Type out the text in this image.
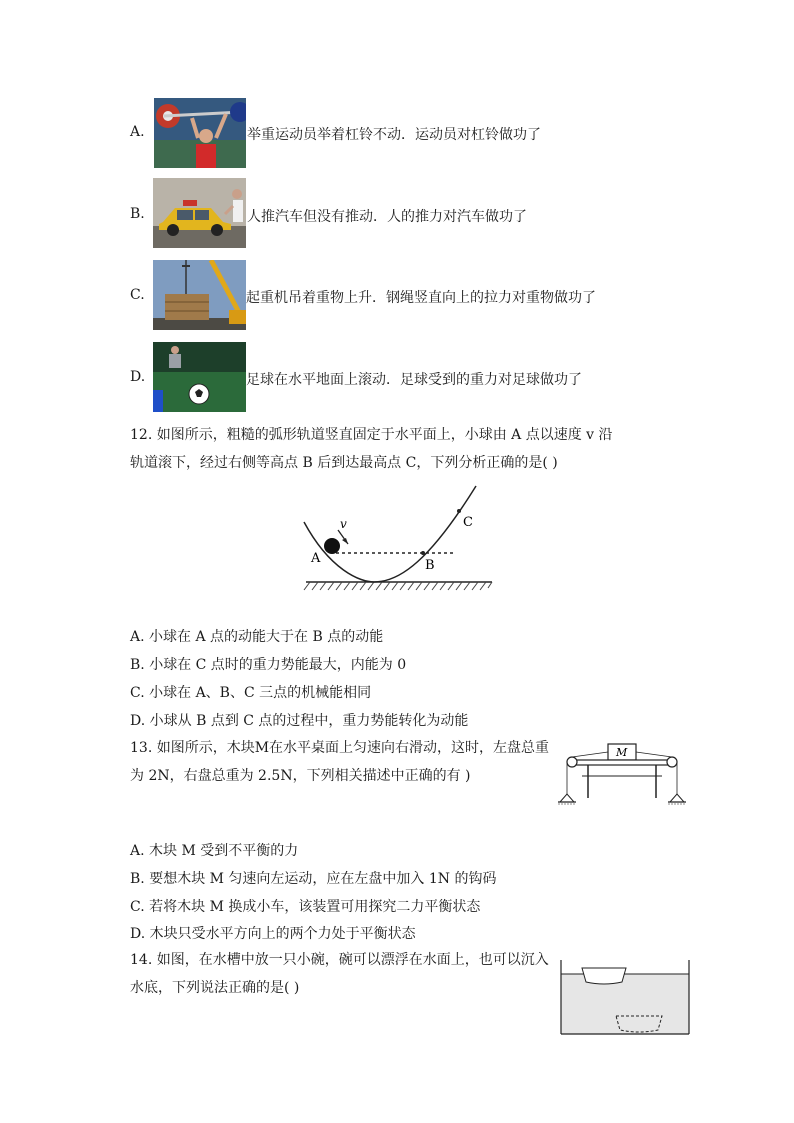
A.	举重运动员举着杠铃不动．运动员对杠铃做功了
B.	人推汽车但没有推动．人的推力对汽车做功了
C.	起重机吊着重物上升．钢绳竖直向上的拉力对重物做功了
D.	足球在水平地面上滚动．足球受到的重力对足球做功了
12. 如图所示，粗糙的弧形轨道竖直固定于水平面上，小球由 A 点以速度 v 沿
轨道滚下，经过右侧等高点 B 后到达最高点 C，下列分析正确的是( )
A
v
B
C
A. 小球在 A 点的动能大于在 B 点的动能
B. 小球在 C 点时的重力势能最大，内能为 0
C. 小球在 A、B、C 三点的机械能相同
D. 小球从 B 点到 C 点的过程中，重力势能转化为动能
13. 如图所示，木块M在水平桌面上匀速向右滑动，这时，左盘总重
为 2N，右盘总重为 2.5N，下列相关描述中正确的有 )
M
A. 木块 M 受到不平衡的力
B. 要想木块 M 匀速向左运动，应在左盘中加入 1N 的钩码
C. 若将木块 M 换成小车，该装置可用探究二力平衡状态
D. 木块只受水平方向上的两个力处于平衡状态
14. 如图，在水槽中放一只小碗，碗可以漂浮在水面上，也可以沉入
水底，下列说法正确的是( )
